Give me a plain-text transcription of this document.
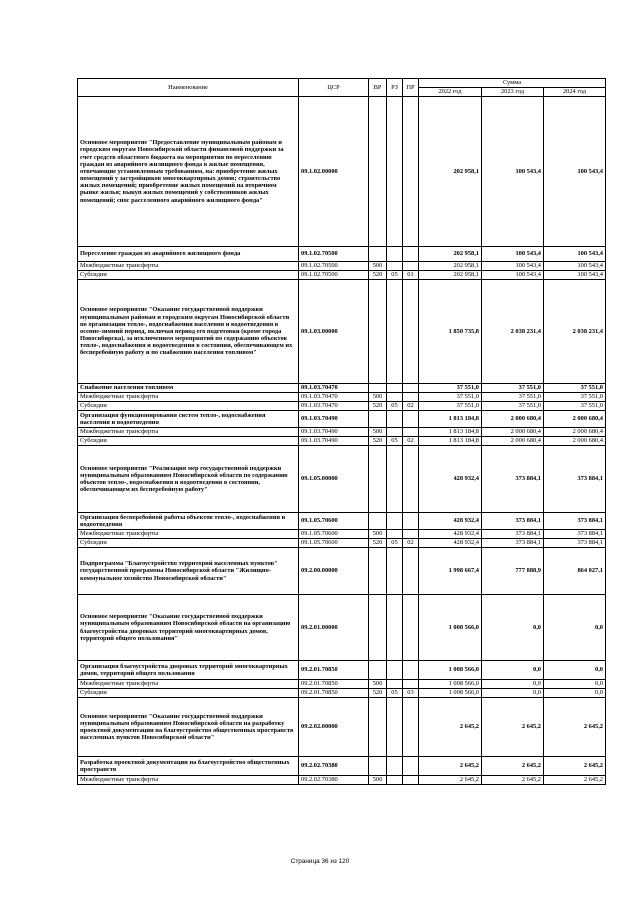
Наименование	ЦСР	ВР	РЗ	ПР	Сумма		
					2022 год	2023 год	2024 год
Основное мероприятие "Предоставление муниципальным районам и городским округам Новосибирской области финансовой поддержки за счет средств областного бюджета на мероприятия по переселению граждан из аварийного жилищного фонда в жилые помещения, отвечающие установленным требованиям, на: приобретение жилых помещений у застройщиков многоквартирных домов; строительство жилых помещений; приобретение жилых помещений на вторичном рынке жилья; выкуп жилых помещений у собственников жилых помещений; снос расселенного аварийного жилищного фонда"	09.1.02.00000				202 958,1	100 543,4	100 543,4
Переселение граждан из аварийного жилищного фонда	09.1.02.70500				202 958,1	100 543,4	100 543,4
Межбюджетные трансферты	09.1.02.70500	500			202 958,1	100 543,4	100 543,4
Субсидии	09.1.02.70500	520	05	01	202 958,1	100 543,4	100 543,4
Основное мероприятие "Оказание государственной поддержки муниципальным районам и городским округам Новосибирской области по организации тепло-, водоснабжения населения и водоотведения в осенне-зимний период, включая период его подготовки (кроме города Новосибирска), за исключением мероприятий по содержанию объектов тепло-, водоснабжения и водоотведения в состоянии, обеспечивающем их бесперебойную работу и по снабжению населения топливом"	09.1.03.00000				1 850 735,8	2 038 231,4	2 038 231,4
Снабжение населения топливом	09.1.03.70470				37 551,0	37 551,0	37 551,0
Межбюджетные трансферты	09.1.03.70470	500			37 551,0	37 551,0	37 551,0
Субсидии	09.1.03.70470	520	05	02	37 551,0	37 551,0	37 551,0
Организация функционирования систем тепло-, водоснабжения населения и водоотведения	09.1.03.70490				1 813 184,8	2 000 680,4	2 000 680,4
Межбюджетные трансферты	09.1.03.70490	500			1 813 184,8	2 000 680,4	2 000 680,4
Субсидии	09.1.03.70490	520	05	02	1 813 184,8	2 000 680,4	2 000 680,4
Основное мероприятие "Реализация мер государственной поддержки муниципальным образованиям Новосибирской области по содержанию объектов тепло-, водоснабжения и водоотведения в состоянии, обеспечивающем их бесперебойную работу"	09.1.05.00000				428 932,4	373 884,1	373 884,1
Организация бесперебойной работы объектов тепло-, водоснабжения и водоотведения	09.1.05.70600				428 932,4	373 884,1	373 884,1
Межбюджетные трансферты	09.1.05.70600	500			428 932,4	373 884,1	373 884,1
Субсидии	09.1.05.70600	520	05	02	428 932,4	373 884,1	373 884,1
Подпрограмма "Благоустройство территорий населенных пунктов" государственной программы Новосибирской области "Жилищно-коммунальное хозяйство Новосибирской области"	09.2.00.00000				1 998 667,4	777 888,9	864 027,1
Основное мероприятие "Оказание государственной поддержки муниципальным образованиям Новосибирской области на организацию благоустройства дворовых территорий многоквартирных домов, территорий общего пользования"	09.2.01.00000				1 008 566,0	0,0	0,0
Организация благоустройства дворовых территорий многоквартирных домов, территорий общего пользования	09.2.01.70850				1 008 566,0	0,0	0,0
Межбюджетные трансферты	09.2.01.70850	500			1 008 566,0	0,0	0,0
Субсидии	09.2.01.70850	520	05	03	1 008 566,0	0,0	0,0
Основное мероприятие "Оказание государственной поддержки муниципальным образованиям Новосибирской области на разработку проектной документации на благоустройство общественных пространств населенных пунктов Новосибирской области"	09.2.02.00000				2 645,2	2 645,2	2 645,2
Разработка проектной документации на благоустройство общественных пространств	09.2.02.70380				2 645,2	2 645,2	2 645,2
Межбюджетные трансферты	09.2.02.70380	500			2 645,2	2 645,2	2 645,2
Страница 36 из 120
